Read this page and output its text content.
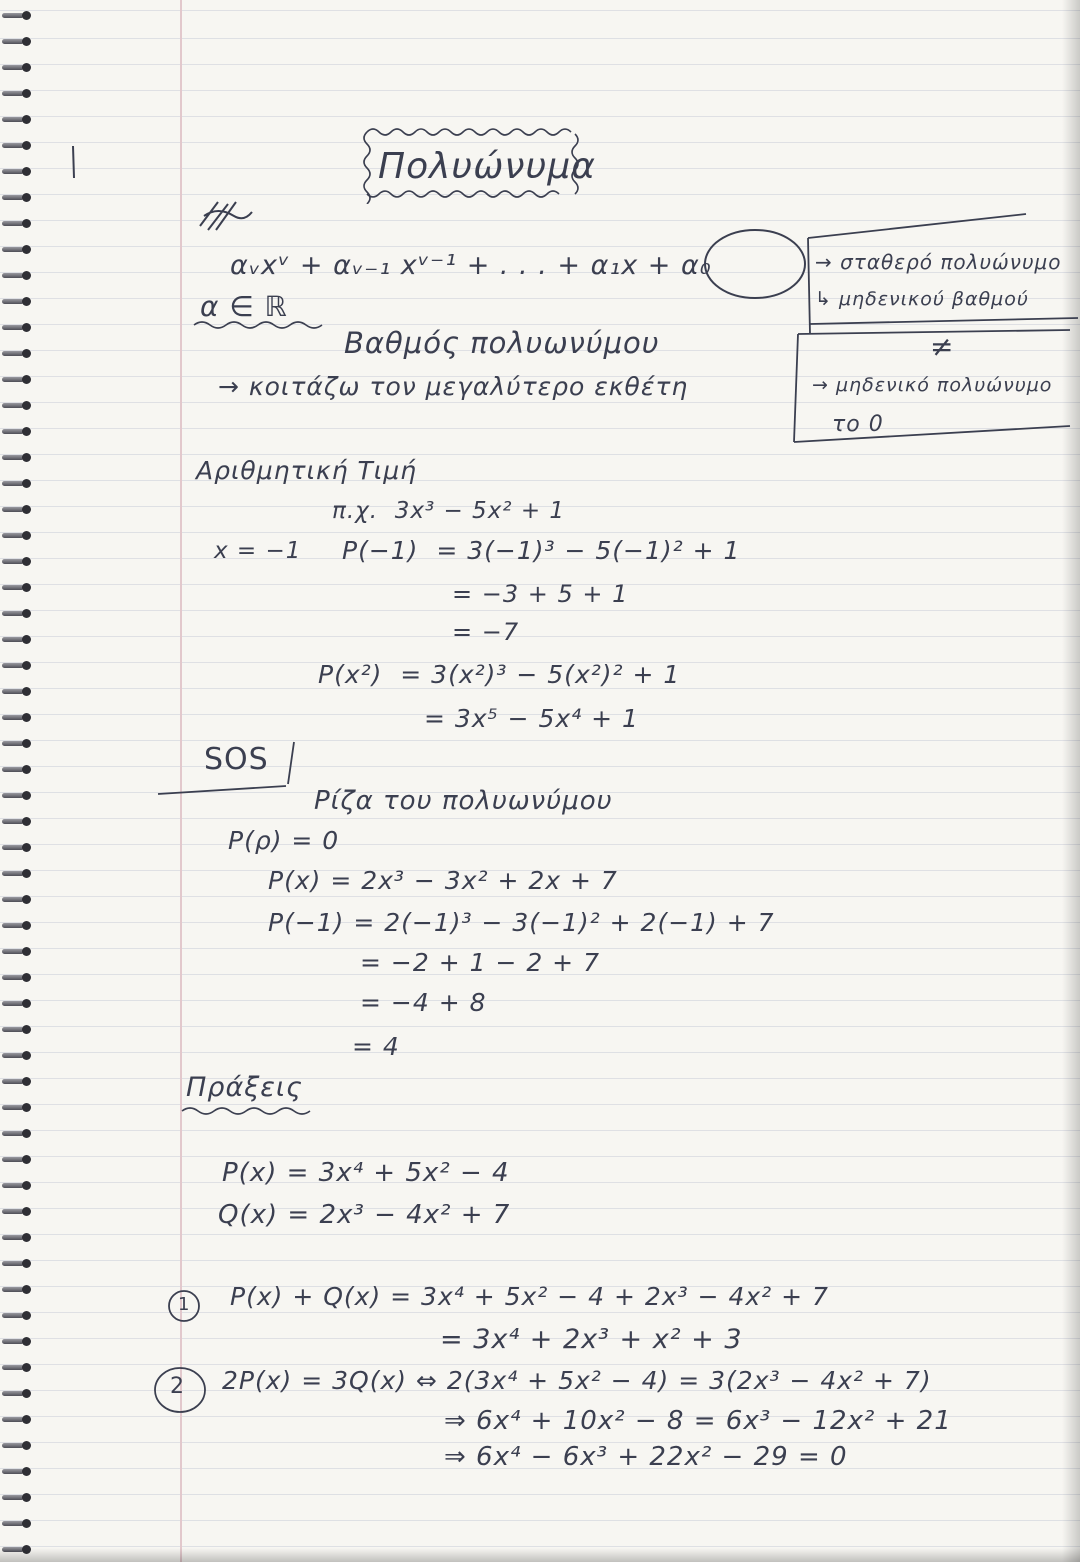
Πολυώνυμα
αᵥxᵛ + αᵥ₋₁ xᵛ⁻¹ + . . . + α₁x + α₀
α ∈ ℝ
→ σταθερό πολυώνυμο
↳ μηδενικού βαθμού
≠
→ μηδενικό πολυώνυμο
το 0
Βαθμός πολυωνύμου
→ κοιτάζω τον μεγαλύτερο εκθέτη
Αριθμητική Τιμή
π.χ.  3x³ − 5x² + 1
x = −1 P(−1)  = 3(−1)³ − 5(−1)² + 1
= −3 + 5 + 1
= −7
P(x²)  = 3(x²)³ − 5(x²)² + 1
= 3x⁵ − 5x⁴ + 1
SOS
Ρίζα του πολυωνύμου
P(ρ) = 0
P(x) = 2x³ − 3x² + 2x + 7
P(−1) = 2(−1)³ − 3(−1)² + 2(−1) + 7
= −2 + 1 − 2 + 7
= −4 + 8
= 4
Πράξεις
P(x) = 3x⁴ + 5x² − 4
Q(x) = 2x³ − 4x² + 7
1 P(x) + Q(x) = 3x⁴ + 5x² − 4 + 2x³ − 4x² + 7
= 3x⁴ + 2x³ + x² + 3
2 2P(x) = 3Q(x) ⇔ 2(3x⁴ + 5x² − 4) = 3(2x³ − 4x² + 7)
⇒ 6x⁴ + 10x² − 8 = 6x³ − 12x² + 21
⇒ 6x⁴ − 6x³ + 22x² − 29 = 0
